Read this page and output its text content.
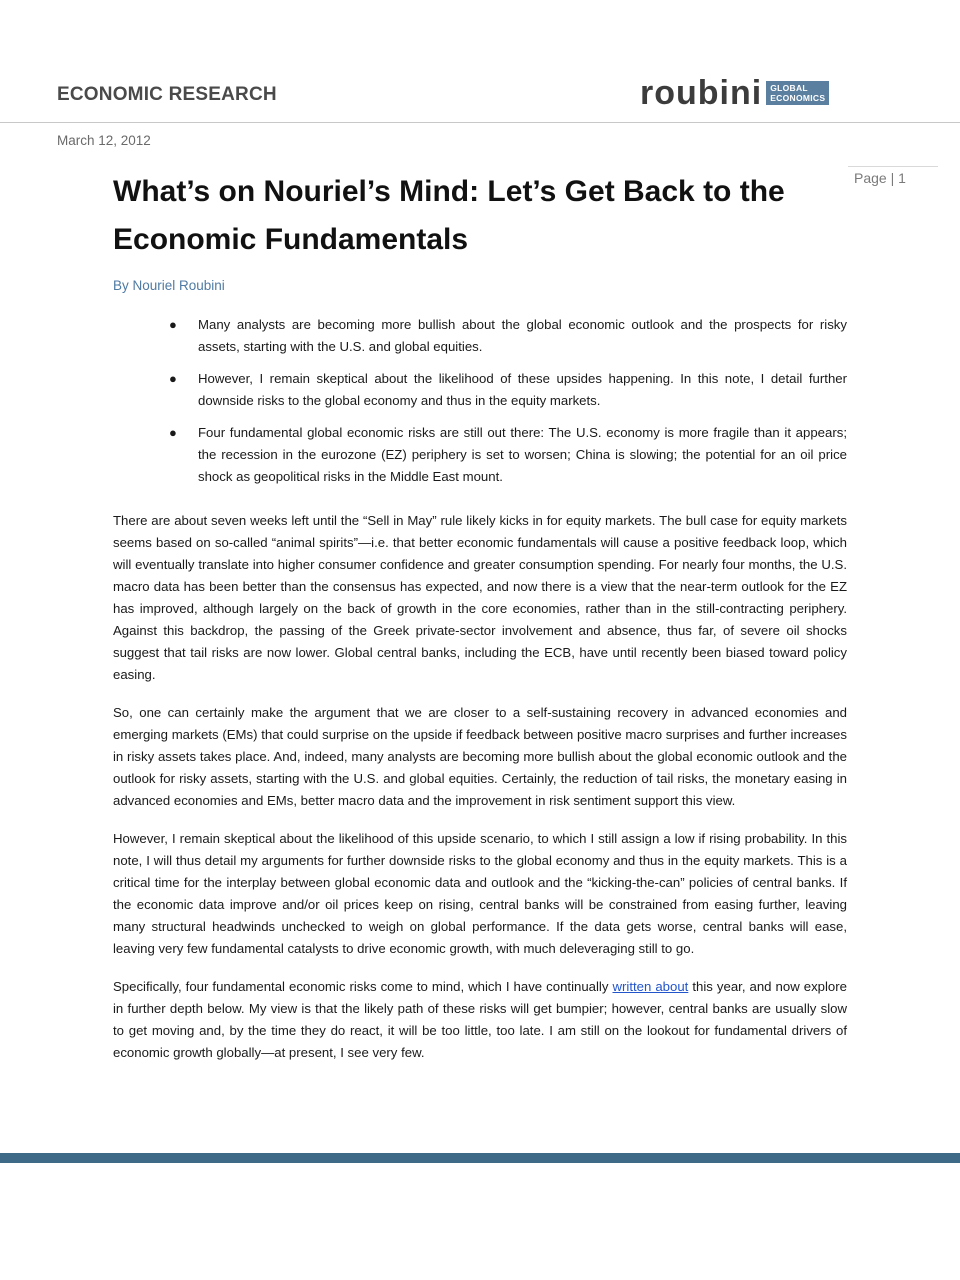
ECONOMIC RESEARCH	roubini GLOBAL
ECONOMICS
March 12, 2012
Page | 1
What’s on Nouriel’s Mind: Let’s Get Back to the Economic Fundamentals
By Nouriel Roubini
● Many analysts are becoming more bullish about the global economic outlook and the prospects for risky assets, starting with the U.S. and global equities.
● However, I remain skeptical about the likelihood of these upsides happening. In this note, I detail further downside risks to the global economy and thus in the equity markets.
● Four fundamental global economic risks are still out there: The U.S. economy is more fragile than it appears; the recession in the eurozone (EZ) periphery is set to worsen; China is slowing; the potential for an oil price shock as geopolitical risks in the Middle East mount.

There are about seven weeks left until the “Sell in May” rule likely kicks in for equity markets. The bull case for equity markets seems based on so-called “animal spirits”—i.e. that better economic fundamentals will cause a positive feedback loop, which will eventually translate into higher consumer confidence and greater consumption spending. For nearly four months, the U.S. macro data has been better than the consensus has expected, and now there is a view that the near-term outlook for the EZ has improved, although largely on the back of growth in the core economies, rather than in the still-contracting periphery. Against this backdrop, the passing of the Greek private-sector involvement and absence, thus far, of severe oil shocks suggest that tail risks are now lower. Global central banks, including the ECB, have until recently been biased toward policy easing.

So, one can certainly make the argument that we are closer to a self-sustaining recovery in advanced economies and emerging markets (EMs) that could surprise on the upside if feedback between positive macro surprises and further increases in risky assets takes place. And, indeed, many analysts are becoming more bullish about the global economic outlook and the outlook for risky assets, starting with the U.S. and global equities. Certainly, the reduction of tail risks, the monetary easing in advanced economies and EMs, better macro data and the improvement in risk sentiment support this view.

However, I remain skeptical about the likelihood of this upside scenario, to which I still assign a low if rising probability. In this note, I will thus detail my arguments for further downside risks to the global economy and thus in the equity markets. This is a critical time for the interplay between global economic data and outlook and the “kicking-the-can” policies of central banks. If the economic data improve and/or oil prices keep on rising, central banks will be constrained from easing further, leaving many structural headwinds unchecked to weigh on global performance. If the data gets worse, central banks will ease, leaving very few fundamental catalysts to drive economic growth, with much deleveraging still to go.

Specifically, four fundamental economic risks come to mind, which I have continually written about this year, and now explore in further depth below. My view is that the likely path of these risks will get bumpier; however, central banks are usually slow to get moving and, by the time they do react, it will be too little, too late. I am still on the lookout for fundamental drivers of economic growth globally—at present, I see very few.
